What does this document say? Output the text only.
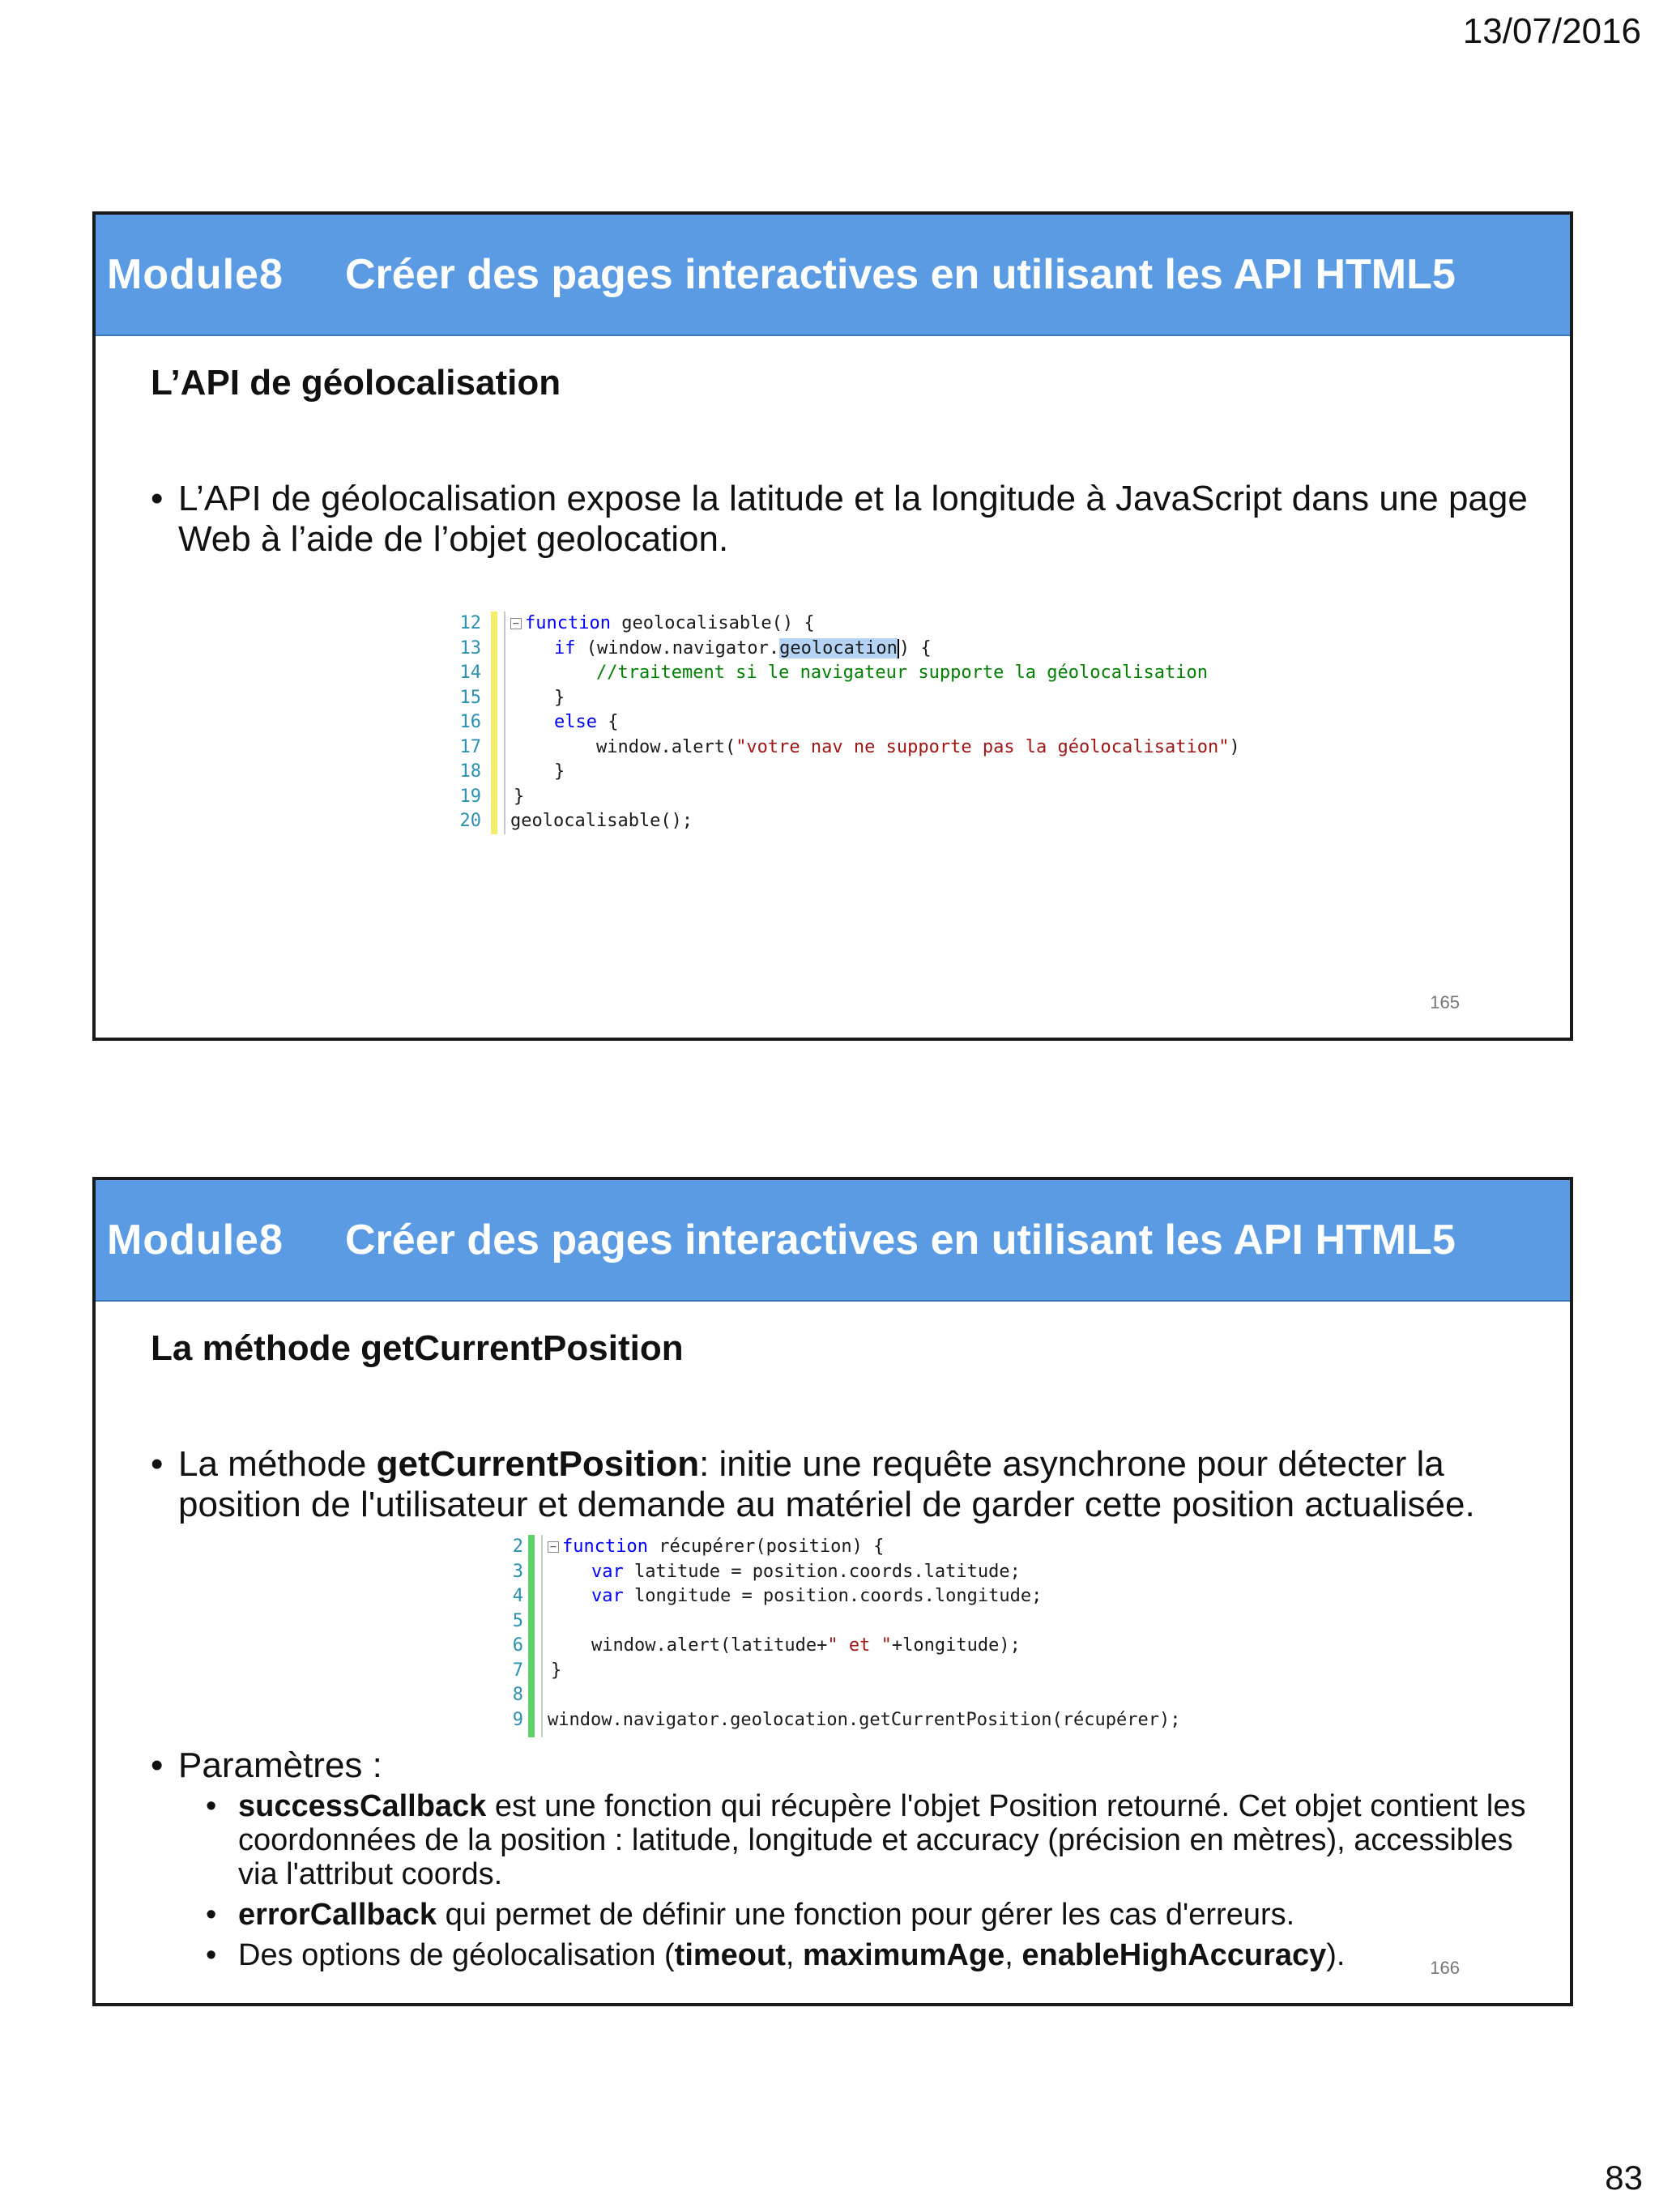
13/07/2016
Module8 Créer des pages interactives en utilisant les API HTML5
L’API de géolocalisation
• L’API de géolocalisation expose la latitude et la longitude à JavaScript dans une page Web à l’aide de l’objet geolocation.
12	− function geolocalisable() {
13	if (window.navigator.geolocation) {
14	//traitement si le navigateur supporte la géolocalisation
15	}
16	else {
17	window.alert("votre nav ne supporte pas la géolocalisation")
18	}
19 }
20 geolocalisable();
165
Module8 Créer des pages interactives en utilisant les API HTML5
La méthode getCurrentPosition
• La méthode getCurrentPosition: initie une requête asynchrone pour détecter la position de l'utilisateur et demande au matériel de garder cette position actualisée.
2 − function récupérer(position) {
3	var latitude = position.coords.latitude;
4	var longitude = position.coords.longitude;
5
6	window.alert(latitude+" et "+longitude);
7 }
8
9 window.navigator.geolocation.getCurrentPosition(récupérer);
• Paramètres :
• successCallback est une fonction qui récupère l'objet Position retourné. Cet objet contient les coordonnées de la position : latitude, longitude et accuracy (précision en mètres), accessibles via l'attribut coords.
• errorCallback qui permet de définir une fonction pour gérer les cas d'erreurs.
• Des options de géolocalisation (timeout, maximumAge, enableHighAccuracy).	166
83
